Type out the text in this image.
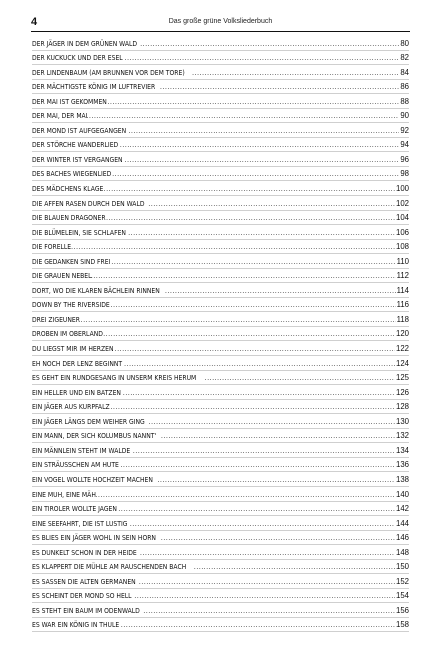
4	Das große grüne Volksliederbuch
DER JÄGER IN DEM GRÜNEN WALD .....	80
DER KUCKUCK UND DER ESEL .....	82
DER LINDENBAUM (AM BRUNNEN VOR DEM TORE) .....	84
DER MÄCHTIGSTE KÖNIG IM LUFTREVIER .....	86
DER MAI IST GEKOMMEN .....	88
DER MAI, DER MAI .....	90
DER MOND IST AUFGEGANGEN .....	92
DER STÖRCHE WANDERLIED .....	94
DER WINTER IST VERGANGEN .....	96
DES BACHES WIEGENLIED .....	98
DES MÄDCHENS KLAGE .....	100
DIE AFFEN RASEN DURCH DEN WALD .....	102
DIE BLAUEN DRAGONER .....	104
DIE BLÜMELEIN, SIE SCHLAFEN .....	106
DIE FORELLE .....	108
DIE GEDANKEN SIND FREI .....	110
DIE GRAUEN NEBEL .....	112
DORT, WO DIE KLAREN BÄCHLEIN RINNEN .....	114
DOWN BY THE RIVERSIDE .....	116
DREI ZIGEUNER .....	118
DROBEN IM OBERLAND .....	120
DU LIEGST MIR IM HERZEN .....	122
EH NOCH DER LENZ BEGINNT .....	124
ES GEHT EIN RUNDGESANG IN UNSERM KREIS HERUM .....	125
EIN HELLER UND EIN BATZEN .....	126
EIN JÄGER AUS KURPFALZ .....	128
EIN JÄGER LÄNGS DEM WEIHER GING .....	130
EIN MANN, DER SICH KOLUMBUS NANNT' .....	132
EIN MÄNNLEIN STEHT IM WALDE .....	134
EIN STRÄUSSCHEN AM HUTE .....	136
EIN VOGEL WOLLTE HOCHZEIT MACHEN .....	138
EINE MUH, EINE MÄH .....	140
EIN TIROLER WOLLTE JAGEN .....	142
EINE SEEFAHRT, DIE IST LUSTIG .....	144
ES BLIES EIN JÄGER WOHL IN SEIN HORN .....	146
ES DUNKELT SCHON IN DER HEIDE .....	148
ES KLAPPERT DIE MÜHLE AM RAUSCHENDEN BACH .....	150
ES SASSEN DIE ALTEN GERMANEN .....	152
ES SCHEINT DER MOND SO HELL .....	154
ES STEHT EIN BAUM IM ODENWALD .....	156
ES WAR EIN KÖNIG IN THULE .....	158
